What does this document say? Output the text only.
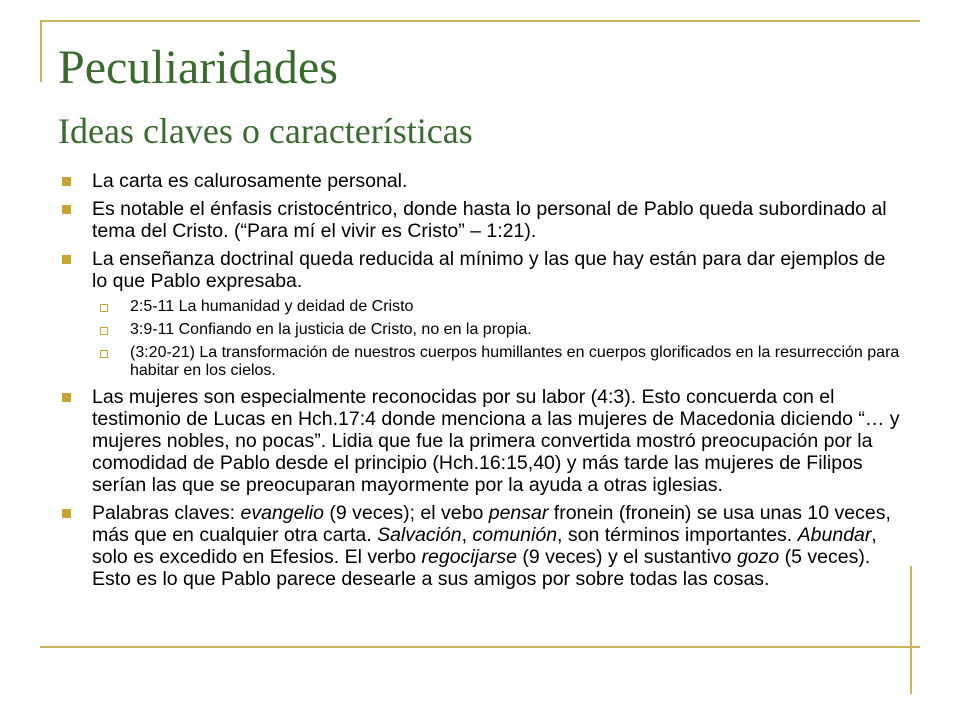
Peculiaridades
Ideas claves o características
La carta es calurosamente personal.
Es notable el énfasis cristocéntrico, donde hasta lo personal de Pablo queda subordinado al tema del Cristo. (“Para mí el vivir es Cristo” – 1:21).
La enseñanza doctrinal queda reducida al mínimo y las que hay están para dar ejemplos de lo que Pablo expresaba.
2:5-11 La humanidad y deidad de Cristo
3:9-11 Confiando en la justicia de Cristo, no en la propia.
(3:20-21) La transformación de nuestros cuerpos humillantes en cuerpos glorificados en la resurrección para habitar en los cielos.
Las mujeres son especialmente reconocidas por su labor (4:3). Esto concuerda con el testimonio de Lucas en Hch.17:4 donde menciona a las mujeres de Macedonia diciendo “… y mujeres nobles, no pocas”. Lidia que fue la primera convertida mostró preocupación por la comodidad de Pablo desde el principio (Hch.16:15,40) y más tarde las mujeres de Filipos serían las que se preocuparan mayormente por la ayuda a otras iglesias.
Palabras claves: evangelio (9 veces); el vebo pensar fronein (fronein) se usa unas 10 veces, más que en cualquier otra carta. Salvación, comunión, son términos importantes. Abundar, solo es excedido en Efesios. El verbo regocijarse (9 veces) y el sustantivo gozo (5 veces). Esto es lo que Pablo parece desearle a sus amigos por sobre todas las cosas.
